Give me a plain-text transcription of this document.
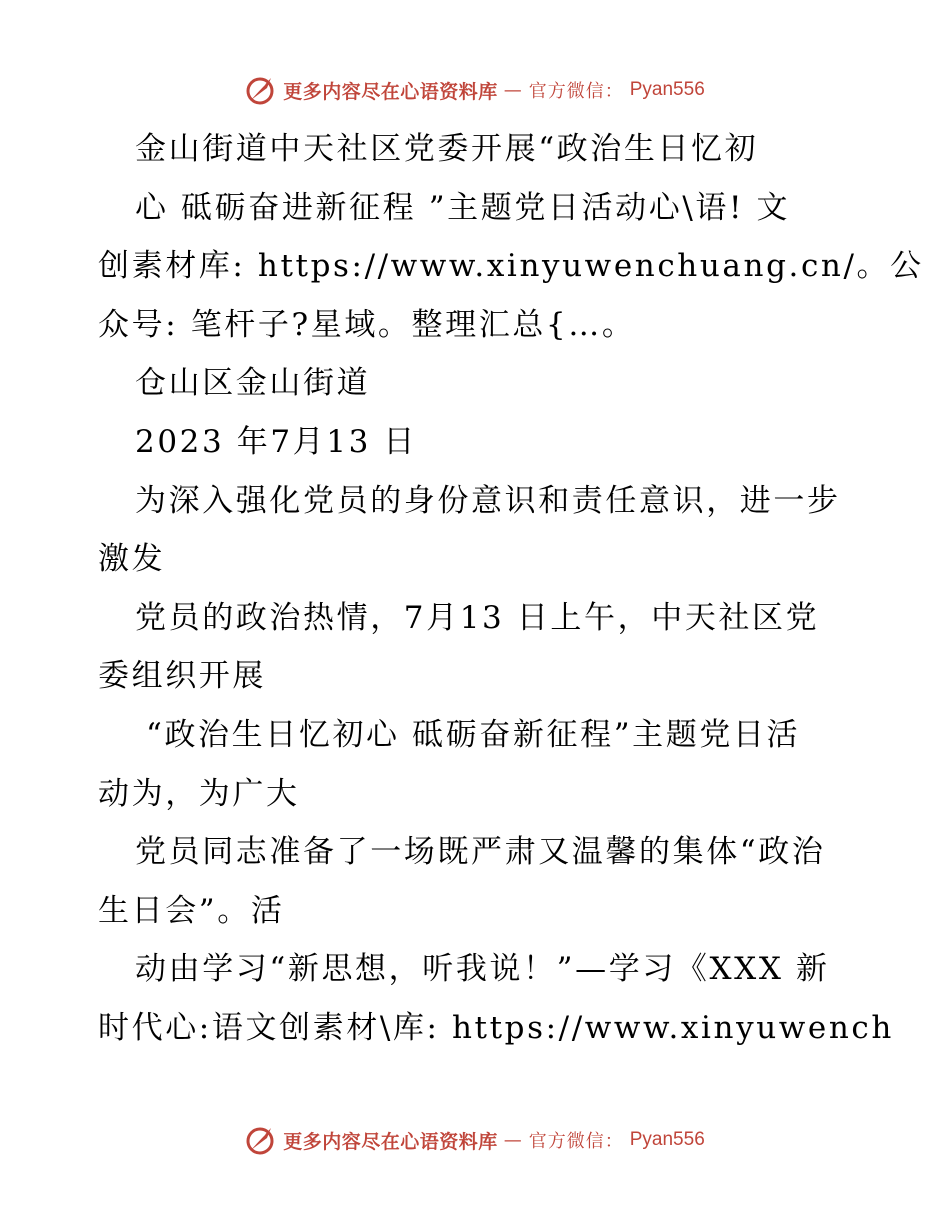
更多内容尽在心语资料库 — 官方微信： Pyan556
金山街道中天社区党委开展“政治生日忆初
心 砥砺奋进新征程 ”主题党日活动心\语! 文
创素材库: https://www.xinyuwenchuang.cn/。公
众号: 笔杆子?星域。整理汇总{…。
仓山区金山街道
2023 年7月13 日
为深入强化党员的身份意识和责任意识，进一步
激发
党员的政治热情，7月13 日上午，中天社区党
委组织开展
“政治生日忆初心 砥砺奋新征程”主题党日活
动为，为广大
党员同志准备了一场既严肃又温馨的集体“政治
生日会”。活
动由学习“新思想，听我说！”—学习《XXX 新
时代心:语文创素材\库: https://www.xinyuwench
更多内容尽在心语资料库 — 官方微信： Pyan556
